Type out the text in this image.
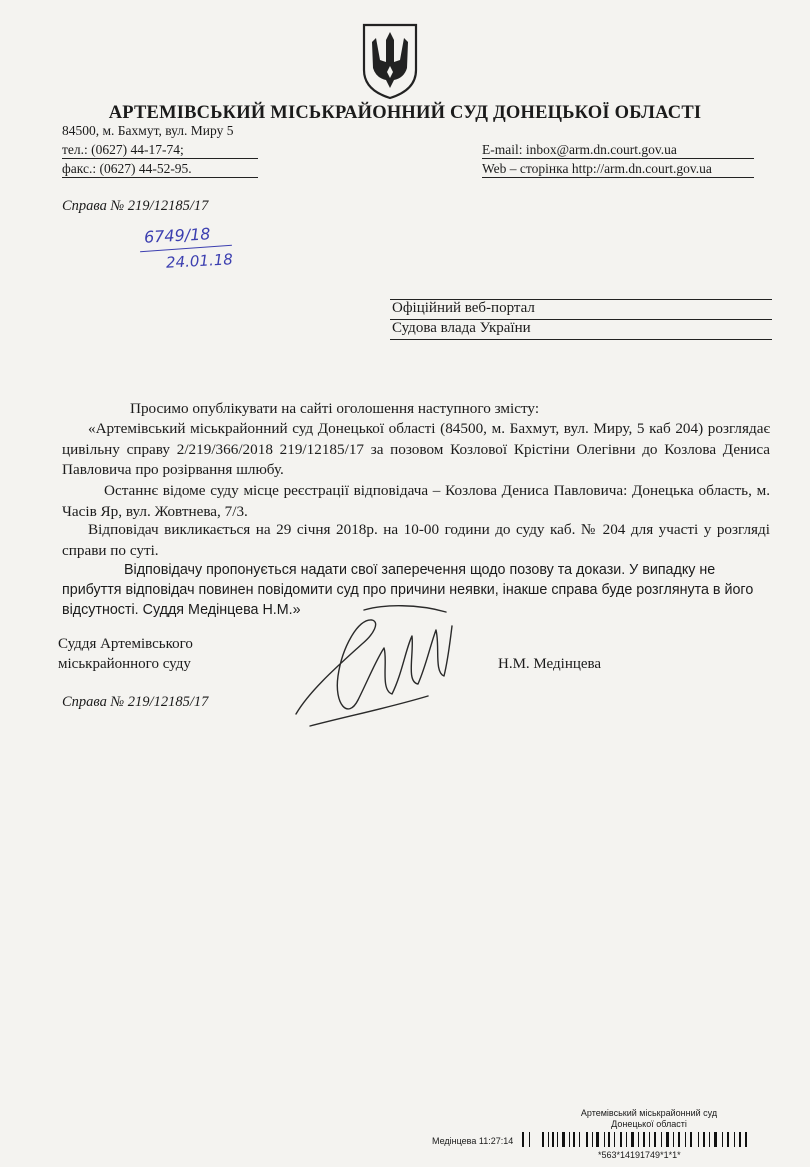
АРТЕМІВСЬКИЙ МІСЬКРАЙОННИЙ СУД ДОНЕЦЬКОЇ ОБЛАСТІ
84500, м. Бахмут, вул. Миру 5
тел.: (0627) 44-17-74;
факс.: (0627) 44-52-95.
E-mail: inbox@arm.dn.court.gov.ua
Web – сторінка http://arm.dn.court.gov.ua
Справа № 219/12185/17
6749/18
24.01.18
Офіційний веб-портал
Судова влада України
Просимо опублікувати на сайті оголошення наступного змісту:
«Артемівський міськрайонний суд Донецької області (84500, м. Бахмут, вул. Миру, 5 каб 204) розглядає цивільну справу 2/219/366/2018 219/12185/17 за позовом Козлової Крістіни Олегівни до Козлова Дениса Павловича про розірвання шлюбу.
Останнє відоме суду місце реєстрації відповідача – Козлова Дениса Павловича: Донецька область, м. Часів Яр, вул. Жовтнева, 7/3.
Відповідач викликається на 29 січня 2018р. на 10-00 години до суду каб. № 204 для участі у розгляді справи по суті.
Відповідачу пропонується надати свої заперечення щодо позову та докази. У випадку не прибуття відповідач повинен повідомити суд про причини неявки, інакше справа буде розглянута в його відсутності. Суддя Медінцева Н.М.»
Суддя Артемівського
міськрайонного суду	Н.М. Медінцева
Справа № 219/12185/17
Артемівський міськрайонний суд
Донецької області
Медінцева 11:27:14
*563*14191749*1*1*
